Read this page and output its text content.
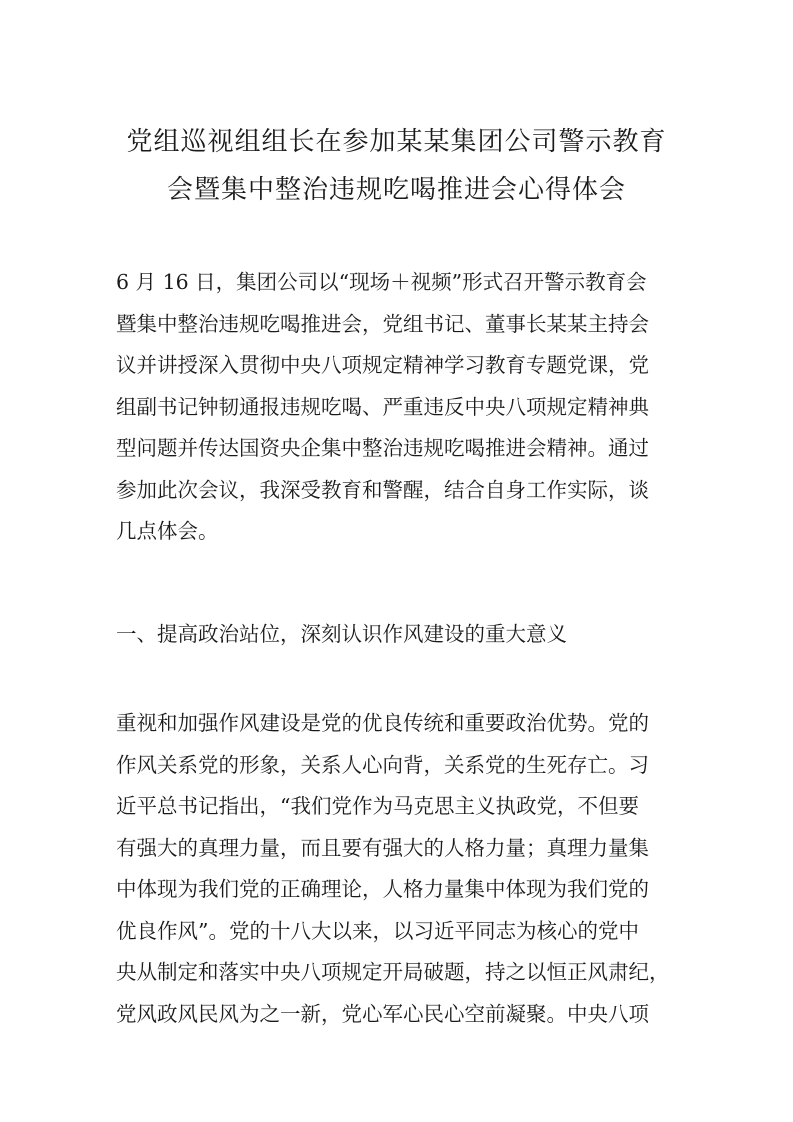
党组巡视组组长在参加某某集团公司警示教育
会暨集中整治违规吃喝推进会心得体会
6 月 16 日，集团公司以“现场＋视频”形式召开警示教育会
暨集中整治违规吃喝推进会，党组书记、董事长某某主持会
议并讲授深入贯彻中央八项规定精神学习教育专题党课，党
组副书记钟韧通报违规吃喝、严重违反中央八项规定精神典
型问题并传达国资央企集中整治违规吃喝推进会精神。通过
参加此次会议，我深受教育和警醒，结合自身工作实际，谈
几点体会。
一、提高政治站位，深刻认识作风建设的重大意义
重视和加强作风建设是党的优良传统和重要政治优势。党的
作风关系党的形象，关系人心向背，关系党的生死存亡。习
近平总书记指出，“我们党作为马克思主义执政党，不但要
有强大的真理力量，而且要有强大的人格力量；真理力量集
中体现为我们党的正确理论，人格力量集中体现为我们党的
优良作风”。党的十八大以来，以习近平同志为核心的党中
央从制定和落实中央八项规定开局破题，持之以恒正风肃纪，
党风政风民风为之一新，党心军心民心空前凝聚。中央八项
